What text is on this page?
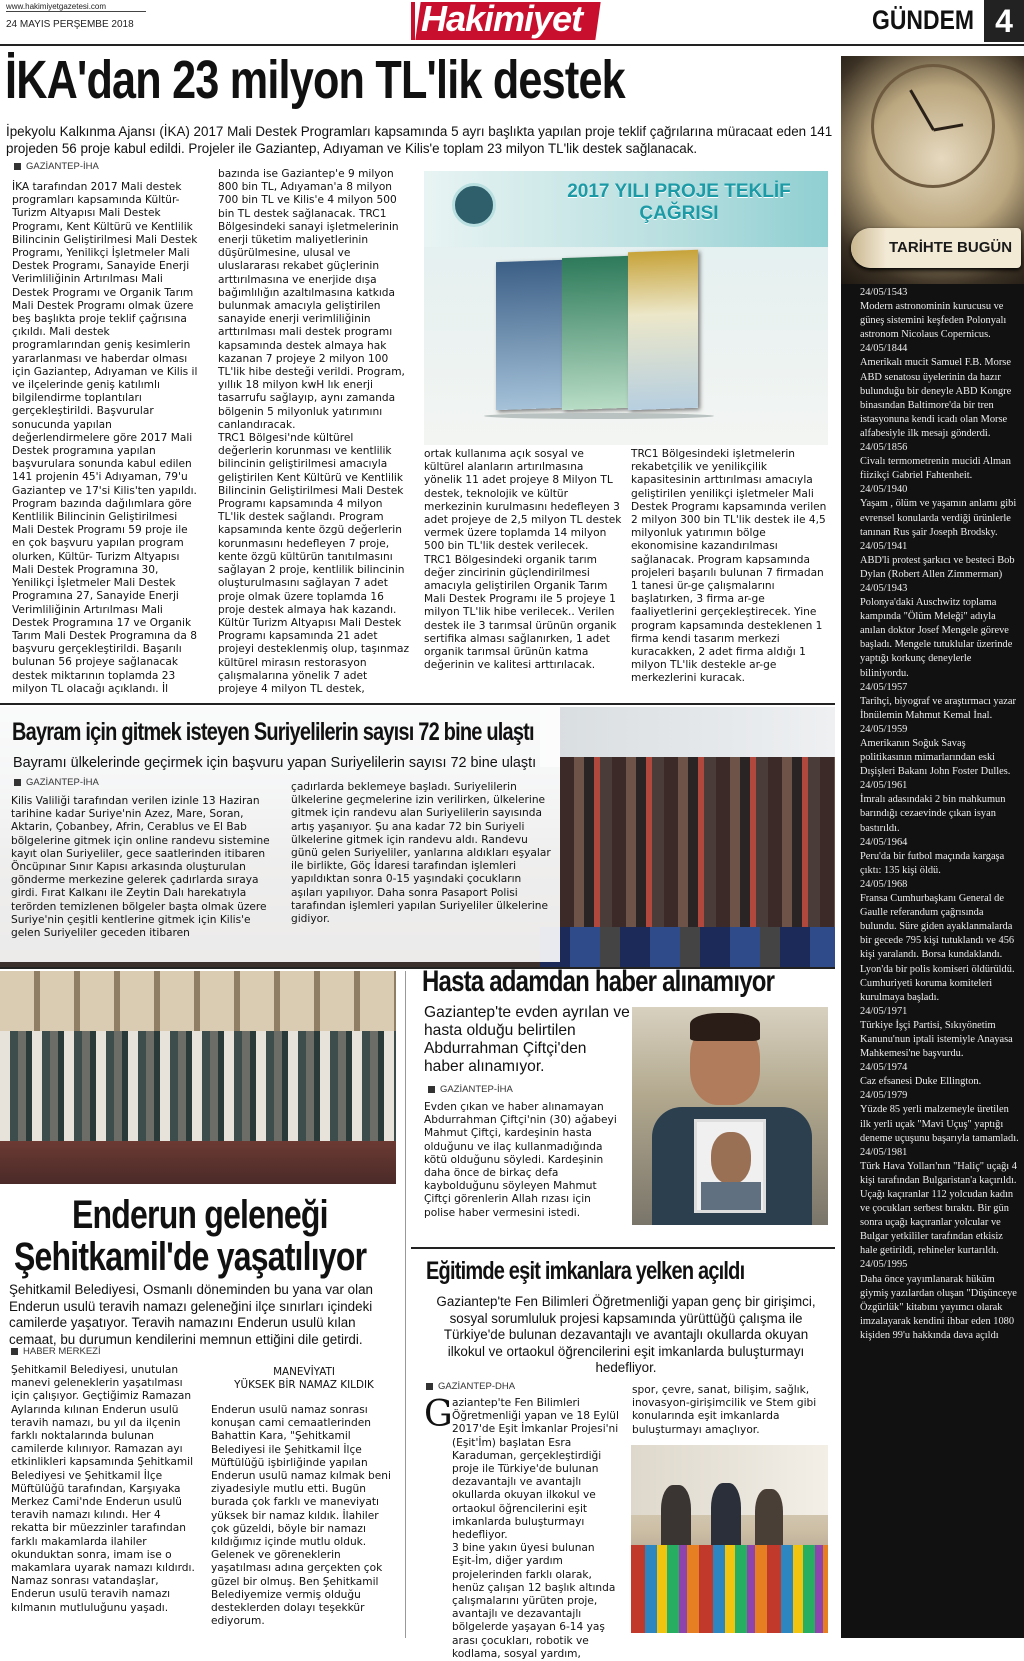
www.hakimiyetgazetesi.com
24 MAYIS PERŞEMBE 2018	Hakimiyet	GÜNDEM 4
İKA'dan 23 milyon TL'lik destek
İpekyolu Kalkınma Ajansı (İKA) 2017 Mali Destek Programları kapsamında 5 ayrı başlıkta yapılan proje teklif çağrılarına müracaat eden 141 projeden 56 proje kabul edildi. Projeler ile Gaziantep, Adıyaman ve Kilis'e toplam 23 milyon TL'lik destek sağlanacak.
GAZİANTEP-İHA

İKA tarafından 2017 Mali destek programları kapsamında Kültür-Turizm Altyapısı Mali Destek Programı, Kent Kültürü ve Kentlilik Bilincinin Geliştirilmesi Mali Destek Programı, Yenilikçi İşletmeler Mali Destek Programı, Sanayide Enerji Verimliliğinin Artırılması Mali Destek Programı ve Organik Tarım Mali Destek Programı olmak üzere beş başlıkta proje teklif çağrısına çıkıldı. Mali destek programlarından geniş kesimlerin yararlanması ve haberdar olması için Gaziantep, Adıyaman ve Kilis il ve ilçelerinde geniş katılımlı bilgilendirme toplantıları gerçekleştirildi. Başvurular sonucunda yapılan değerlendirmelere göre 2017 Mali Destek programına yapılan başvurulara sonunda kabul edilen 141 projenin 45'i Adıyaman, 79'u Gaziantep ve 17'si Kilis'ten yapıldı. Program bazında dağılımlara göre Kentlilik Bilincinin Geliştirilmesi Mali Destek Programı 59 proje ile en çok başvuru yapılan program olurken, Kültür- Turizm Altyapısı Mali Destek Programına 30, Yenilikçi İşletmeler Mali Destek Programına 27, Sanayide Enerji Verimliliğinin Artırılması Mali Destek Programına 17 ve Organik Tarım Mali Destek Programına da 8 başvuru gerçekleştirildi. Başarılı bulunan 56 projeye sağlanacak destek miktarının toplamda 23 milyon TL olacağı açıklandı. İl

bazında ise Gaziantep'e 9 milyon 800 bin TL, Adıyaman'a 8 milyon 700 bin TL ve Kilis'e 4 milyon 500 bin TL destek sağlanacak. TRC1 Bölgesindeki sanayi işletmelerinin enerji tüketim maliyetlerinin düşürülmesine, ulusal ve uluslararası rekabet güçlerinin arttırılmasına ve enerjide dışa bağımlılığın azaltılmasına katkıda bulunmak amacıyla geliştirilen sanayide enerji verimliliğinin arttırılması mali destek programı kapsamında destek almaya hak kazanan 7 projeye 2 milyon 100 TL'lik hibe desteği verildi. Program, yıllık 18 milyon kwH lık enerji tasarrufu sağlayıp, aynı zamanda bölgenin 5 milyonluk yatırımını canlandıracak.
TRC1 Bölgesi'nde kültürel değerlerin korunması ve kentlilik bilincinin geliştirilmesi amacıyla geliştirilen Kent Kültürü ve Kentlilik Bilincinin Geliştirilmesi Mali Destek Programı kapsamında 4 milyon TL'lik destek sağlandı. Program kapsamında kente özgü değerlerin korunmasını hedefleyen 7 proje, kente özgü kültürün tanıtılmasını sağlayan 2 proje, kentlilik bilincinin oluşturulmasını sağlayan 7 adet proje olmak üzere toplamda 16 proje destek almaya hak kazandı. Kültür Turizm Altyapısı Mali Destek Programı kapsamında 21 adet projeyi desteklenmiş olup, taşınmaz kültürel mirasın restorasyon çalışmalarına yönelik 7 adet projeye 4 milyon TL destek,

ortak kullanıma açık sosyal ve kültürel alanların artırılmasına yönelik 11 adet projeye 8 Milyon TL destek, teknolojik ve kültür merkezinin kurulmasını hedefleyen 3 adet projeye de 2,5 milyon TL destek vermek üzere toplamda 14 milyon 500 bin TL'lik destek verilecek.
TRC1 Bölgesindeki organik tarım değer zincirinin güçlendirilmesi amacıyla geliştirilen Organik Tarım Mali Destek Programı ile 5 projeye 1 milyon TL'lik hibe verilecek.. Verilen destek ile 3 tarımsal ürünün organik sertifika alması sağlanırken, 1 adet organik tarımsal ürünün katma değerinin ve kalitesi arttırılacak.

TRC1 Bölgesindeki işletmelerin rekabetçilik ve yenilikçilik kapasitesinin arttırılması amacıyla geliştirilen yenilikçi işletmeler Mali Destek Programı kapsamında verilen 2 milyon 300 bin TL'lik destek ile 4,5 milyonluk yatırımın bölge ekonomisine kazandırılması sağlanacak. Program kapsamında projeleri başarılı bulunan 7 firmadan 1 tanesi ür-ge çalışmalarını başlatırken, 3 firma ar-ge faaliyetlerini gerçekleştirecek. Yine program kapsamında desteklenen 1 firma kendi tasarım merkezi kuracakken, 2 adet firma aldığı 1 milyon TL'lik destekle ar-ge merkezlerini kuracak.

2017 YILI PROJE TEKLİF ÇAĞRISI
Bayram için gitmek isteyen Suriyelilerin sayısı 72 bine ulaştı
Bayramı ülkelerinde geçirmek için başvuru yapan Suriyelilerin sayısı 72 bine ulaştı
GAZİANTEP-İHA

Kilis Valiliği tarafından verilen izinle 13 Haziran tarihine kadar Suriye'nin Azez, Mare, Soran, Aktarin, Çobanbey, Afrin, Cerablus ve El Bab bölgelerine gitmek için online randevu sistemine kayıt olan Suriyeliler, gece saatlerinden itibaren Öncüpınar Sınır Kapısı arkasında oluşturulan gönderme merkezine gelerek çadırlarda sıraya girdi. Fırat Kalkanı ile Zeytin Dalı harekatıyla terörden temizlenen bölgeler başta olmak üzere Suriye'nin çeşitli kentlerine gitmek için Kilis'e gelen Suriyeliler geceden itibaren

çadırlarda beklemeye başladı. Suriyelilerin ülkelerine geçmelerine izin verilirken, ülkelerine gitmek için randevu alan Suriyelilerin sayısında artış yaşanıyor. Şu ana kadar 72 bin Suriyeli ülkelerine gitmek için randevu aldı. Randevu günü gelen Suriyeliler, yanlarına aldıkları eşyalar ile birlikte, Göç İdaresi tarafından işlemleri yapıldıktan sonra 0-15 yaşındaki çocukların aşıları yapılıyor. Daha sonra Pasaport Polisi tarafından işlemleri yapılan Suriyeliler ülkelerine gidiyor.

Enderun geleneği
Şehitkamil'de yaşatılıyor
Şehitkamil Belediyesi, Osmanlı döneminden bu yana var olan Enderun usulü teravih namazı geleneğini ilçe sınırları içindeki camilerde yaşatıyor. Teravih namazını Enderun usulü kılan cemaat, bu durumun kendilerini memnun ettiğini dile getirdi.
HABER MERKEZİ

Şehitkamil Belediyesi, unutulan manevi geleneklerin yaşatılması için çalışıyor. Geçtiğimiz Ramazan Aylarında kılınan Enderun usulü teravih namazı, bu yıl da ilçenin farklı noktalarında bulunan camilerde kılınıyor. Ramazan ayı etkinlikleri kapsamında Şehitkamil Belediyesi ve Şehitkamil İlçe Müftülüğü tarafından, Karşıyaka Merkez Cami'nde Enderun usulü teravih namazı kılındı. Her 4 rekatta bir müezzinler tarafından farklı makamlarda ilahiler okunduktan sonra, imam ise o makamlara uyarak namazı kıldırdı. Namaz sonrası vatandaşlar, Enderun usulü teravih namazı kılmanın mutluluğunu yaşadı.

MANEVİYATI
YÜKSEK BİR NAMAZ KILDIK

Enderun usulü namaz sonrası konuşan cami cemaatlerinden Bahattin Kara, "Şehitkamil Belediyesi ile Şehitkamil İlçe Müftülüğü işbirliğinde yapılan Enderun usulü namaz kılmak beni ziyadesiyle mutlu etti. Bugün burada çok farklı ve maneviyatı yüksek bir namaz kıldık. İlahiler çok güzeldi, böyle bir namazı kıldığımız içinde mutlu olduk. Gelenek ve göreneklerin yaşatılması adına gerçekten çok güzel bir olmuş. Ben Şehitkamil Belediyemize vermiş olduğu desteklerden dolayı teşekkür ediyorum.

Hasta adamdan haber alınamıyor
Gaziantep'te evden ayrılan ve hasta olduğu belirtilen Abdurrahman Çiftçi'den haber alınamıyor.
GAZİANTEP-İHA

Evden çıkan ve haber alınamayan Abdurrahman Çiftçi'nin (30) ağabeyi Mahmut Çiftçi, kardeşinin hasta olduğunu ve ilaç kullanmadığında kötü olduğunu söyledi. Kardeşinin daha önce de birkaç defa kaybolduğunu söyleyen Mahmut Çiftçi görenlerin Allah rızası için polise haber vermesini istedi.

Eğitimde eşit imkanlara yelken açıldı
Gaziantep'te Fen Bilimleri Öğretmenliği yapan genç bir girişimci, sosyal sorumluluk projesi kapsamında yürüttüğü çalışma ile Türkiye'de bulunan dezavantajlı ve avantajlı okullarda okuyan ilkokul ve ortaokul öğrencilerini eşit imkanlarda buluşturmayı hedefliyor.
GAZİANTEP-DHA
G aziantep'te Fen Bilimleri Öğretmenliği yapan ve 18 Eylül 2017'de Eşit İmkanlar Projesi'ni (Eşit'İm) başlatan Esra Karaduman, gerçekleştirdiği proje ile Türkiye'de bulunan dezavantajlı ve avantajlı okullarda okuyan ilkokul ve ortaokul öğrencilerini eşit imkanlarda buluşturmayı hedefliyor.
3 bine yakın üyesi bulunan Eşit-İm, diğer yardım projelerinden farklı olarak, henüz çalışan 12 başlık altında çalışmalarını yürüten proje, avantajlı ve dezavantajlı bölgelerde yaşayan 6-14 yaş arası çocukları, robotik ve kodlama, sosyal yardım,

spor, çevre, sanat, bilişim, sağlık, inovasyon-girişimcilik ve Stem gibi konularında eşit imkanlarda buluşturmayı amaçlıyor.

TARİHTE BUGÜN
24/05/1543
Modern astronominin kurucusu ve güneş sistemini keşfeden Polonyalı astronom Nicolaus Copernicus.
24/05/1844
Amerikalı mucit Samuel F.B. Morse ABD senatosu üyelerinin da hazır bulunduğu bir deneyle ABD Kongre binasından Baltimore'da bir tren istasyonuna kendi icadı olan Morse alfabesiyle ilk mesajı gönderdi.
24/05/1856
Civalı termometrenin mucidi Alman fiizikçi Gabriel Fahtenheit.
24/05/1940
Yaşam , ölüm ve yaşamın anlamı gibi evrensel konularda verdiği ürünlerle tanınan Rus şair Joseph Brodsky.
24/05/1941
ABD'li protest şarkıcı ve besteci Bob Dylan (Robert Allen Zimmerman)
24/05/1943
Polonya'daki Auschwitz toplama kampında "Ölüm Meleği" adıyla anılan doktor Josef Mengele göreve başladı. Mengele tutuklular üzerinde yaptığı korkunç deneylerle biliniyordu.
24/05/1957
Tarihçi, biyograf ve araştırmacı yazar İbnülemin Mahmut Kemal İnal.
24/05/1959
Amerikanın Soğuk Savaş politikasının mimarlarından eski Dışişleri Bakanı John Foster Dulles.
24/05/1961
İmralı adasındaki 2 bin mahkumun barındığı cezaevinde çıkan isyan bastırıldı.
24/05/1964
Peru'da bir futbol maçında kargaşa çıktı: 135 kişi öldü.
24/05/1968
Fransa Cumhurbaşkanı General de Gaulle referandum çağrısında bulundu. Süre giden ayaklanmalarda bir gecede 795 kişi tutuklandı ve 456 kişi yaralandı. Borsa kundaklandı. Lyon'da bir polis komiseri öldürüldü. Cumhuriyeti koruma komiteleri kurulmaya başladı.
24/05/1971
Türkiye İşçi Partisi, Sıkıyönetim Kanunu'nun iptali istemiyle Anayasa Mahkemesi'ne başvurdu.
24/05/1974
Caz efsanesi Duke Ellington.
24/05/1979
Yüzde 85 yerli malzemeyle üretilen ilk yerli uçak "Mavi Uçuş" yaptığı deneme uçuşunu başarıyla tamamladı.
24/05/1981
Türk Hava Yolları'nın "Haliç" uçağı 4 kişi tarafından Bulgaristan'a kaçırıldı. Uçağı kaçıranlar 112 yolcudan kadın ve çocukları serbest bıraktı. Bir gün sonra uçağı kaçıranlar yolcular ve Bulgar yetkililer tarafından etkisiz hale getirildi, rehineler kurtarıldı.
24/05/1995
Daha önce yayımlanarak hüküm giymiş yazılardan oluşan "Düşünceye Özgürlük" kitabını yayımcı olarak imzalayarak kendini ihbar eden 1080 kişiden 99'u hakkında dava açıldı
